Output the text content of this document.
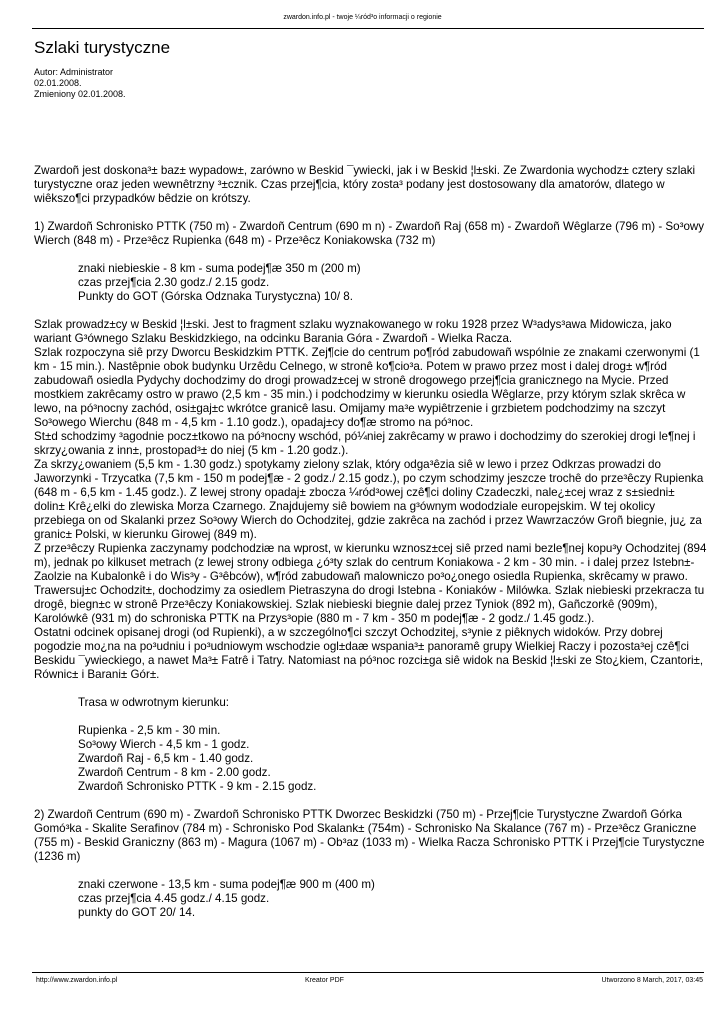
zwardon.info.pl - twoje ¼ród³o informacji o regionie
Szlaki turystyczne
Autor: Administrator
02.01.2008.
Zmieniony 02.01.2008.

Zwardoñ jest doskona³± baz± wypadow±, zarówno w Beskid ¯ywiecki, jak i w Beskid ¦l±ski. Ze Zwardonia wychodz± cztery szlaki turystyczne oraz jeden wewnêtrzny ³±cznik. Czas przej¶cia, który zosta³ podany jest dostosowany dla amatorów, dlatego w wiêkszo¶ci przypadków bêdzie on krótszy.

1) Zwardoñ Schronisko PTTK (750 m) - Zwardoñ Centrum (690 m n) - Zwardoñ Raj (658 m) - Zwardoñ Wêglarze (796 m) - So³owy Wierch (848 m) - Prze³êcz Rupienka (648 m) - Prze³êcz Koniakowska (732 m)

znaki niebieskie - 8 km - suma podej¶æ 350 m (200 m)

czas przej¶cia 2.30 godz./ 2.15 godz.

Punkty do GOT (Górska Odznaka Turystyczna) 10/ 8.

Szlak prowadz±cy w Beskid ¦l±ski. Jest to fragment szlaku wyznakowanego w roku 1928 przez W³adys³awa Midowicza, jako wariant G³ównego Szlaku Beskidzkiego, na odcinku Barania Góra - Zwardoñ - Wielka Racza.

Szlak rozpoczyna siê przy Dworcu Beskidzkim PTTK. Zej¶cie do centrum po¶ród zabudowañ wspólnie ze znakami czerwonymi (1 km - 15 min.). Nastêpnie obok budynku Urzêdu Celnego, w stronê ko¶cio³a. Potem w prawo przez most i dalej drog± w¶ród zabudowañ osiedla Pydychy dochodzimy do drogi prowadz±cej w stronê drogowego przej¶cia granicznego na Mycie. Przed mostkiem zakrêcamy ostro w prawo (2,5 km - 35 min.) i podchodzimy w kierunku osiedla Wêglarze, przy którym szlak skrêca w lewo, na pó³nocny zachód, osi±gaj±c wkrótce granicê lasu. Omijamy ma³e wypiêtrzenie i grzbietem podchodzimy na szczyt So³owego Wierchu (848 m - 4,5 km - 1.10 godz.), opadaj±cy do¶æ stromo na pó³noc.

St±d schodzimy ³agodnie pocz±tkowo na pó³nocny wschód, pó¼niej zakrêcamy w prawo i dochodzimy do szerokiej drogi le¶nej i skrzy¿owania z inn±, prostopad³± do niej (5 km - 1.20 godz.).

Za skrzy¿owaniem (5,5 km - 1.30 godz.) spotykamy zielony szlak, który odga³êzia siê w lewo i przez Odkrzas prowadzi do Jaworzynki - Trzycatka (7,5 km - 150 m podej¶æ - 2 godz./ 2.15 godz.), po czym schodzimy jeszcze trochê do prze³êczy Rupienka (648 m - 6,5 km - 1.45 godz.). Z lewej strony opadaj± zbocza ¼ród³owej czê¶ci doliny Czadeczki, nale¿±cej wraz z s±siedni± dolin± Krê¿elki do zlewiska Morza Czarnego. Znajdujemy siê bowiem na g³ównym wododziale europejskim. W tej okolicy przebiega on od Skalanki przez So³owy Wierch do Ochodzitej, gdzie zakrêca na zachód i przez Wawrzaczów Groñ biegnie, ju¿ za granic± Polski, w kierunku Girowej (849 m).

Z prze³êczy Rupienka zaczynamy podchodziæ na wprost, w kierunku wznosz±cej siê przed nami bezle¶nej kopu³y Ochodzitej (894 m), jednak po kilkuset metrach (z lewej strony odbiega ¿ó³ty szlak do centrum Koniakowa - 2 km - 30 min. - i dalej przez Istebn±-Zaolzie na Kubalonkê i do Wis³y - G³êbców), w¶ród zabudowañ malowniczo po³o¿onego osiedla Rupienka, skrêcamy w prawo. Trawersuj±c Ochodzit±, dochodzimy za osiedlem Pietraszyna do drogi Istebna - Koniaków - Milówka. Szlak niebieski przekracza tu drogê, biegn±c w stronê Prze³êczy Koniakowskiej. Szlak niebieski biegnie dalej przez Tyniok (892 m), Gañczorkê (909m), Karolówkê (931 m) do schroniska PTTK na Przys³opie (880 m - 7 km - 350 m podej¶æ - 2 godz./ 1.45 godz.).

Ostatni odcinek opisanej drogi (od Rupienki), a w szczególno¶ci szczyt Ochodzitej, s³ynie z piêknych widoków. Przy dobrej pogodzie mo¿na na po³udniu i po³udniowym wschodzie ogl±daæ wspania³± panoramê grupy Wielkiej Raczy i pozosta³ej czê¶ci Beskidu ¯ywieckiego, a nawet Ma³± Fatrê i Tatry. Natomiast na pó³noc rozci±ga siê widok na Beskid ¦l±ski ze Sto¿kiem, Czantori±, Równic± i Barani± Gór±.

Trasa w odwrotnym kierunku:

Rupienka - 2,5 km - 30 min.

So³owy Wierch - 4,5 km - 1 godz.

Zwardoñ Raj - 6,5 km - 1.40 godz.

Zwardoñ Centrum - 8 km - 2.00 godz.

Zwardoñ Schronisko PTTK - 9 km - 2.15 godz.

2) Zwardoñ Centrum (690 m) - Zwardoñ Schronisko PTTK Dworzec Beskidzki (750 m) - Przej¶cie Turystyczne Zwardoñ Górka Gomó³ka - Skalite Serafinov (784 m) - Schronisko Pod Skalank± (754m) - Schronisko Na Skalance (767 m) - Prze³êcz Graniczne (755 m) - Beskid Graniczny (863 m) - Magura (1067 m) - Ob³az (1033 m) - Wielka Racza Schronisko PTTK i Przej¶cie Turystyczne (1236 m)

znaki czerwone - 13,5 km - suma podej¶æ 900 m (400 m)

czas przej¶cia 4.45 godz./ 4.15 godz.

punkty do GOT 20/ 14.

http://www.zwardon.info.pl	Kreator PDF	Utworzono 8 March, 2017, 03:45
